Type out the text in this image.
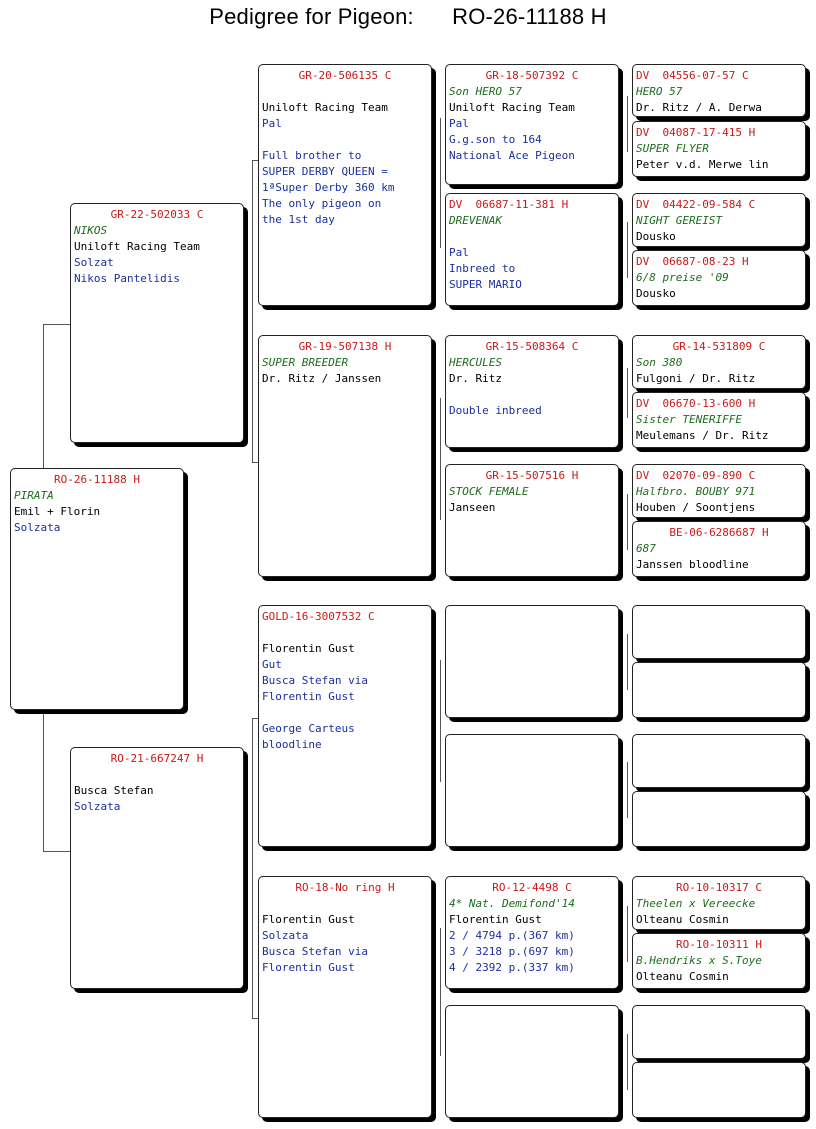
Pedigree for Pigeon: RO-26-11188 H
RO-26-11188 H
PIRATA
Emil + Florin
Solzata
GR-22-502033 C
NIKOS
Uniloft Racing Team
Solzat
Nikos Pantelidis
RO-21-667247 H
Busca Stefan
Solzata
GR-20-506135 C
Uniloft Racing Team
Pal
Full brother to
SUPER DERBY QUEEN =
1ªSuper Derby 360 km
The only pigeon on
the 1st day
GR-19-507138 H
SUPER BREEDER
Dr. Ritz / Janssen
GOLD-16-3007532 C
Florentin Gust
Gut
Busca Stefan via
Florentin Gust
George Carteus
bloodline
RO-18-No ring H
Florentin Gust
Solzata
Busca Stefan via
Florentin Gust
GR-18-507392 C
Son HERO 57
Uniloft Racing Team
Pal
G.g.son to 164
National Ace Pigeon
DV  06687-11-381 H
DREVENAK
Pal
Inbreed to
SUPER MARIO
GR-15-508364 C
HERCULES
Dr. Ritz
Double inbreed
GR-15-507516 H
STOCK FEMALE
Janseen
RO-12-4498 C
4* Nat. Demifond'14
Florentin Gust
2 / 4794 p.(367 km)
3 / 3218 p.(697 km)
4 / 2392 p.(337 km)
DV  04556-07-57 C
HERO 57
Dr. Ritz / A. Derwa
DV  04087-17-415 H
SUPER FLYER
Peter v.d. Merwe lin
DV  04422-09-584 C
NIGHT GEREIST
Dousko
DV  06687-08-23 H
6/8 preise '09
Dousko
GR-14-531809 C
Son 380
Fulgoni / Dr. Ritz
DV  06670-13-600 H
Sister TENERIFFE
Meulemans / Dr. Ritz
DV  02070-09-890 C
Halfbro. BOUBY 971
Houben / Soontjens
BE-06-6286687 H
687
Janssen bloodline
RO-10-10317 C
Theelen x Vereecke
Olteanu Cosmin
RO-10-10311 H
B.Hendriks x S.Toye
Olteanu Cosmin
